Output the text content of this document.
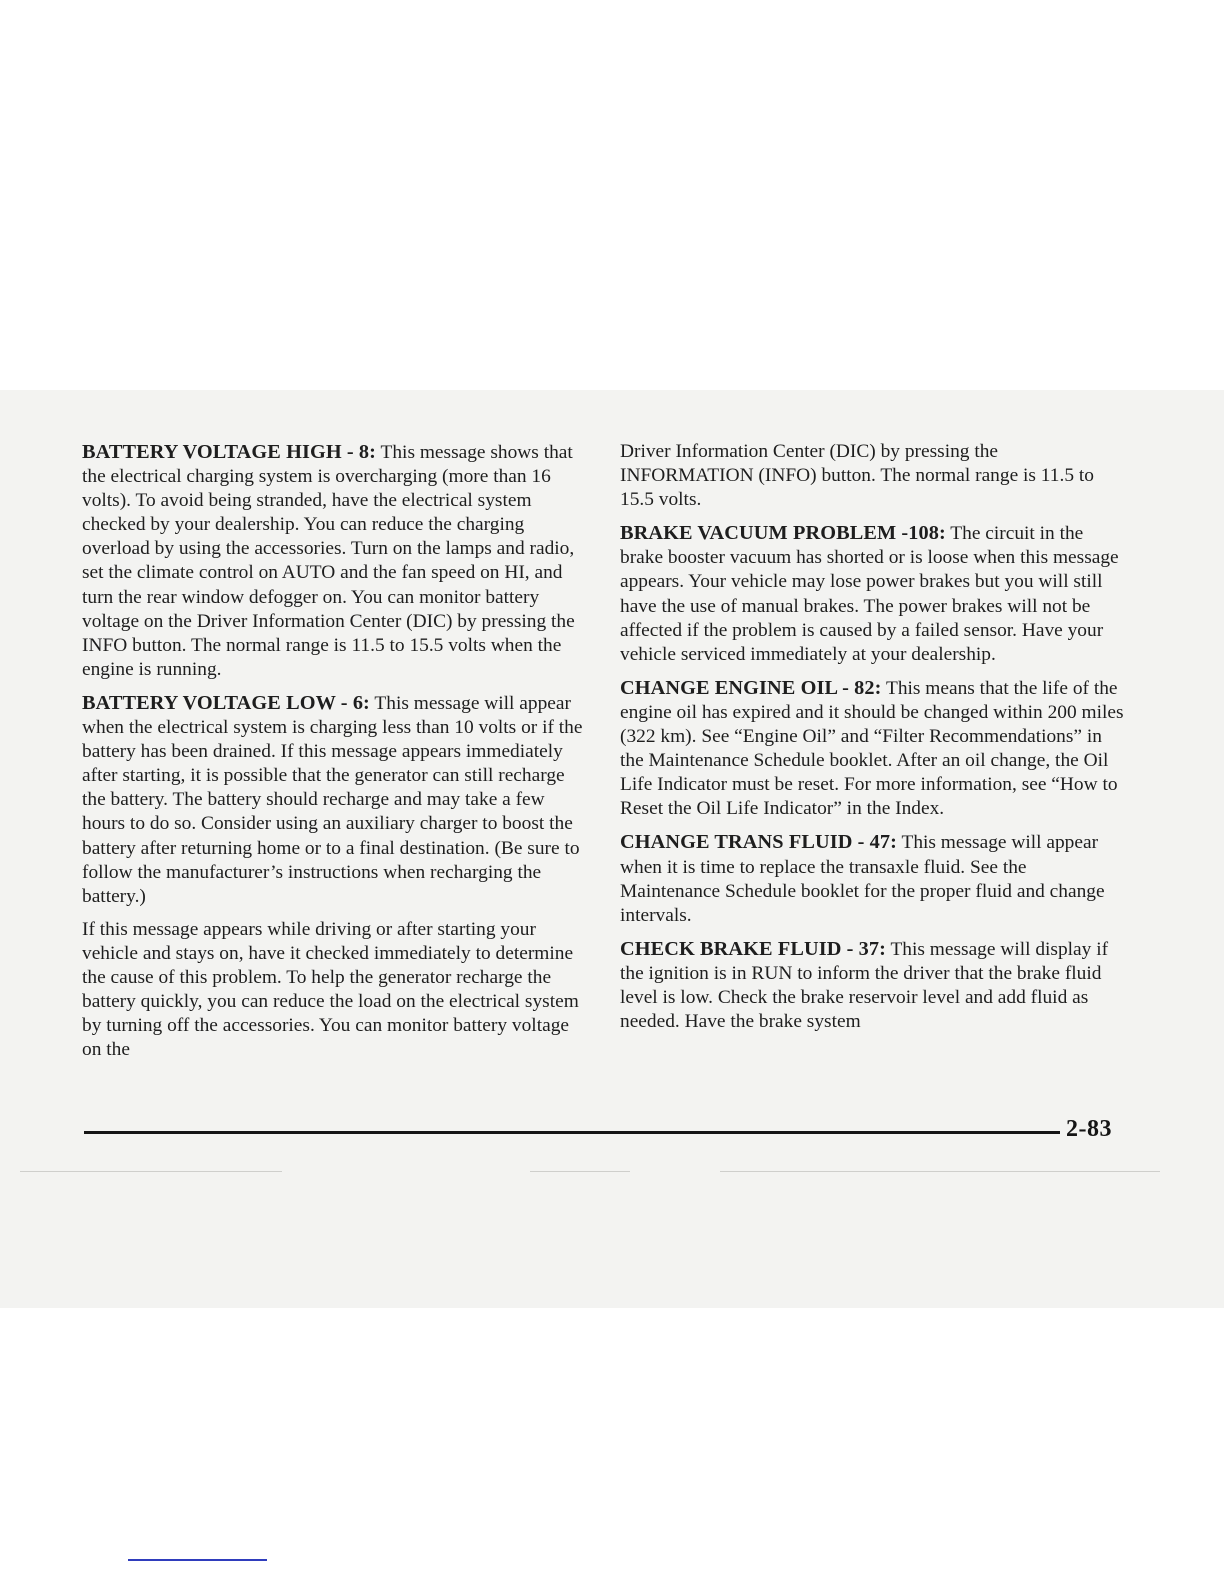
BATTERY VOLTAGE HIGH - 8: This message shows that the electrical charging system is overcharging (more than 16 volts). To avoid being stranded, have the electrical system checked by your dealership. You can reduce the charging overload by using the accessories. Turn on the lamps and radio, set the climate control on AUTO and the fan speed on HI, and turn the rear window defogger on. You can monitor battery voltage on the Driver Information Center (DIC) by pressing the INFO button. The normal range is 11.5 to 15.5 volts when the engine is running.

BATTERY VOLTAGE LOW - 6: This message will appear when the electrical system is charging less than 10 volts or if the battery has been drained. If this message appears immediately after starting, it is possible that the generator can still recharge the battery. The battery should recharge and may take a few hours to do so. Consider using an auxiliary charger to boost the battery after returning home or to a final destination. (Be sure to follow the manufacturer’s instructions when recharging the battery.)

If this message appears while driving or after starting your vehicle and stays on, have it checked immediately to determine the cause of this problem. To help the generator recharge the battery quickly, you can reduce the load on the electrical system by turning off the accessories. You can monitor battery voltage on the

Driver Information Center (DIC) by pressing the INFORMATION (INFO) button. The normal range is 11.5 to 15.5 volts.

BRAKE VACUUM PROBLEM -108: The circuit in the brake booster vacuum has shorted or is loose when this message appears. Your vehicle may lose power brakes but you will still have the use of manual brakes. The power brakes will not be affected if the problem is caused by a failed sensor. Have your vehicle serviced immediately at your dealership.

CHANGE ENGINE OIL - 82: This means that the life of the engine oil has expired and it should be changed within 200 miles (322 km). See “Engine Oil” and “Filter Recommendations” in the Maintenance Schedule booklet. After an oil change, the Oil Life Indicator must be reset. For more information, see “How to Reset the Oil Life Indicator” in the Index.

CHANGE TRANS FLUID - 47: This message will appear when it is time to replace the transaxle fluid. See the Maintenance Schedule booklet for the proper fluid and change intervals.

CHECK BRAKE FLUID - 37: This message will display if the ignition is in RUN to inform the driver that the brake fluid level is low. Check the brake reservoir level and add fluid as needed. Have the brake system

2-83
